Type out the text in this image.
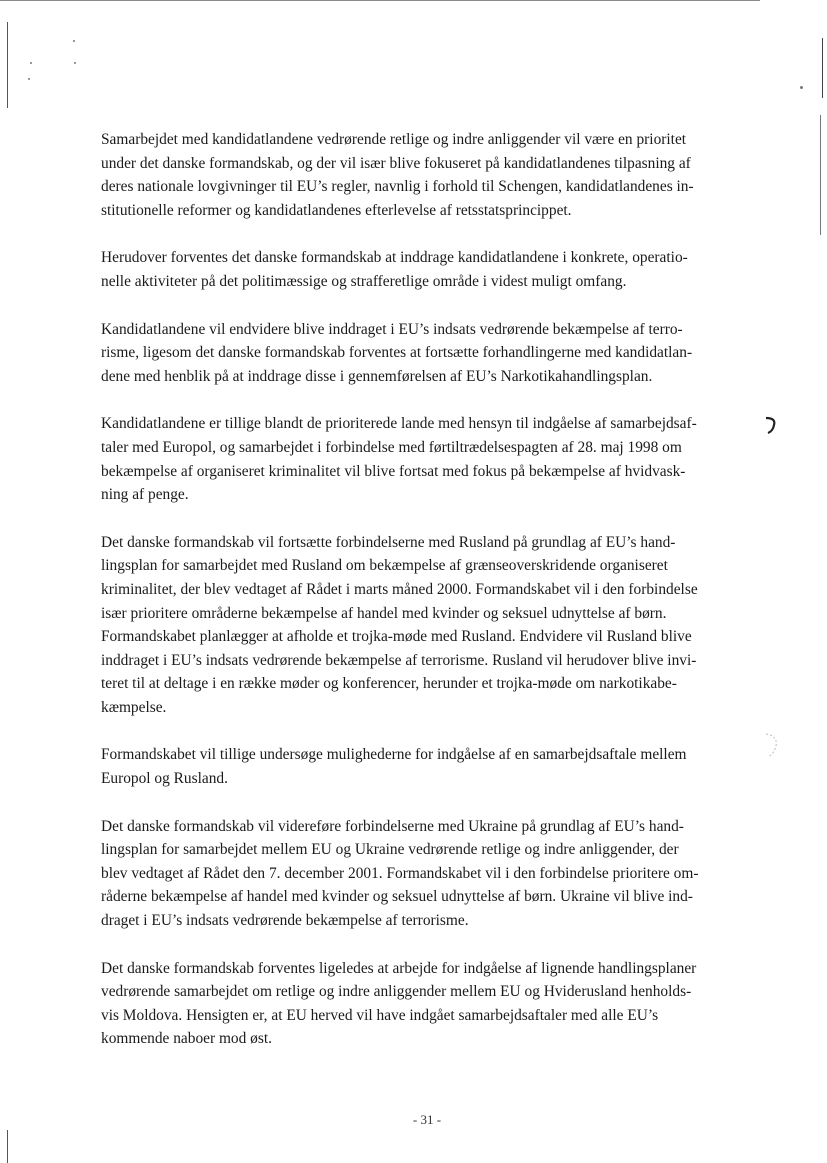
Samarbejdet med kandidatlandene vedrørende retlige og indre anliggender vil være en prioritet
under det danske formandskab, og der vil især blive fokuseret på kandidatlandenes tilpasning af
deres nationale lovgivninger til EU’s regler, navnlig i forhold til Schengen, kandidatlandenes in-
stitutionelle reformer og kandidatlandenes efterlevelse af retsstatsprincippet.

Herudover forventes det danske formandskab at inddrage kandidatlandene i konkrete, operatio-
nelle aktiviteter på det politimæssige og strafferetlige område i videst muligt omfang.

Kandidatlandene vil endvidere blive inddraget i EU’s indsats vedrørende bekæmpelse af terro-
risme, ligesom det danske formandskab forventes at fortsætte forhandlingerne med kandidatlan-
dene med henblik på at inddrage disse i gennemførelsen af EU’s Narkotikahandlingsplan.

Kandidatlandene er tillige blandt de prioriterede lande med hensyn til indgåelse af samarbejdsaf-
taler med Europol, og samarbejdet i forbindelse med førtiltrædelsespagten af 28. maj 1998 om
bekæmpelse af organiseret kriminalitet vil blive fortsat med fokus på bekæmpelse af hvidvask-
ning af penge.

Det danske formandskab vil fortsætte forbindelserne med Rusland på grundlag af EU’s hand-
lingsplan for samarbejdet med Rusland om bekæmpelse af grænseoverskridende organiseret
kriminalitet, der blev vedtaget af Rådet i marts måned 2000. Formandskabet vil i den forbindelse
især prioritere områderne bekæmpelse af handel med kvinder og seksuel udnyttelse af børn.
Formandskabet planlægger at afholde et trojka-møde med Rusland. Endvidere vil Rusland blive
inddraget i EU’s indsats vedrørende bekæmpelse af terrorisme. Rusland vil herudover blive invi-
teret til at deltage i en række møder og konferencer, herunder et trojka-møde om narkotikabe-
kæmpelse.

Formandskabet vil tillige undersøge mulighederne for indgåelse af en samarbejdsaftale mellem
Europol og Rusland.

Det danske formandskab vil videreføre forbindelserne med Ukraine på grundlag af EU’s hand-
lingsplan for samarbejdet mellem EU og Ukraine vedrørende retlige og indre anliggender, der
blev vedtaget af Rådet den 7. december 2001. Formandskabet vil i den forbindelse prioritere om-
råderne bekæmpelse af handel med kvinder og seksuel udnyttelse af børn. Ukraine vil blive ind-
draget i EU’s indsats vedrørende bekæmpelse af terrorisme.

Det danske formandskab forventes ligeledes at arbejde for indgåelse af lignende handlingsplaner
vedrørende samarbejdet om retlige og indre anliggender mellem EU og Hviderusland henholds-
vis Moldova. Hensigten er, at EU herved vil have indgået samarbejdsaftaler med alle EU’s
kommende naboer mod øst.

- 31 -
